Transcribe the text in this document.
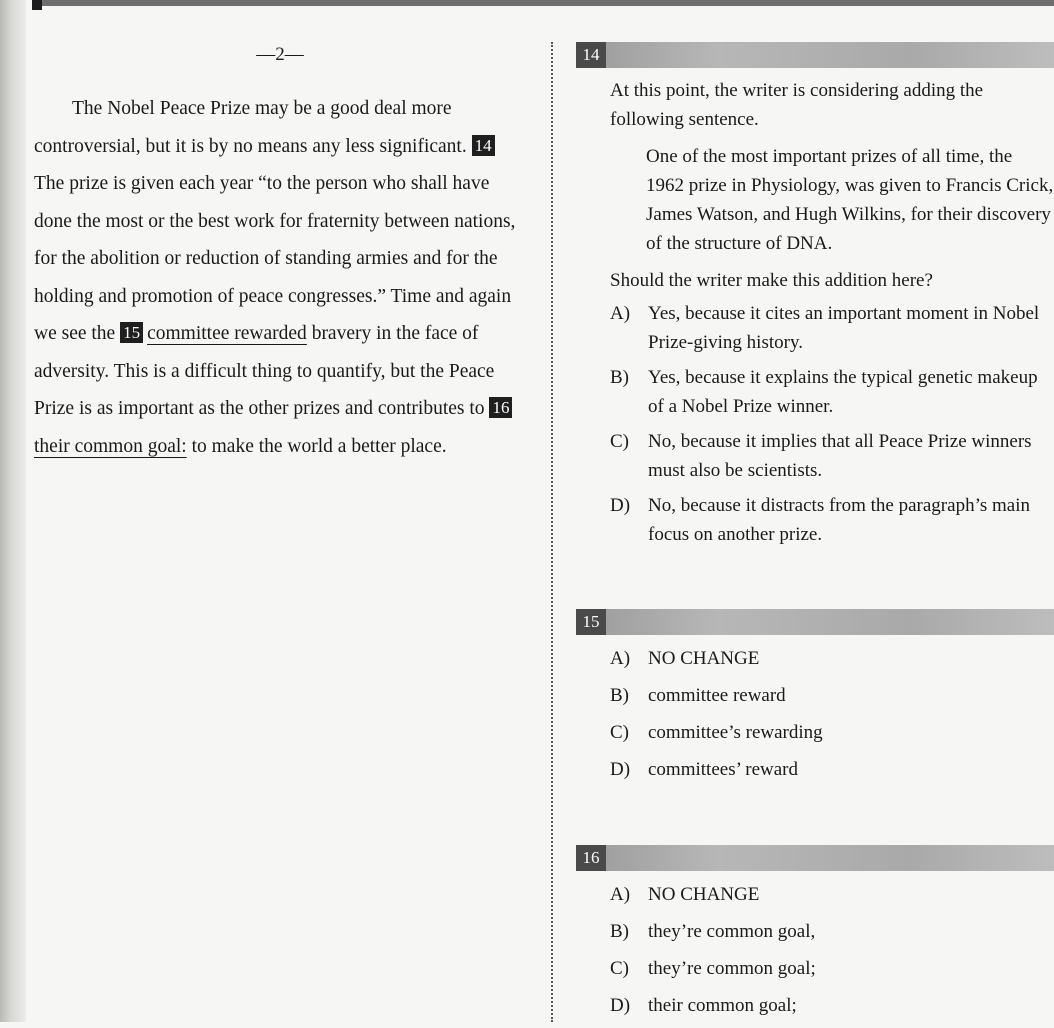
—2—

The Nobel Peace Prize may be a good deal more controversial, but it is by no means any less significant. 14 The prize is given each year “to the person who shall have done the most or the best work for fraternity between nations, for the abolition or reduction of standing armies and for the holding and promotion of peace congresses.” Time and again we see the 15 committee rewarded bravery in the face of adversity. This is a difficult thing to quantify, but the Peace Prize is as important as the other prizes and contributes to 16their common goal: to make the world a better place.

14

At this point, the writer is considering adding the following sentence.

One of the most important prizes of all time, the 1962 prize in Physiology, was given to Francis Crick, James Watson, and Hugh Wilkins, for their discovery of the structure of DNA.

Should the writer make this addition here?

A) Yes, because it cites an important moment in Nobel Prize-giving history.
B)	Yes, because it explains the typical genetic makeup of a Nobel Prize winner.
C)	No, because it implies that all Peace Prize winners must also be scientists.
D) No, because it distracts from the paragraph’s main focus on another prize.
15
A) NO CHANGE
B)	committee reward
C)	committee’s rewarding
D) committees’ reward
16
A) NO CHANGE
B)	they’re common goal,
C)	they’re common goal;
D) their common goal;
